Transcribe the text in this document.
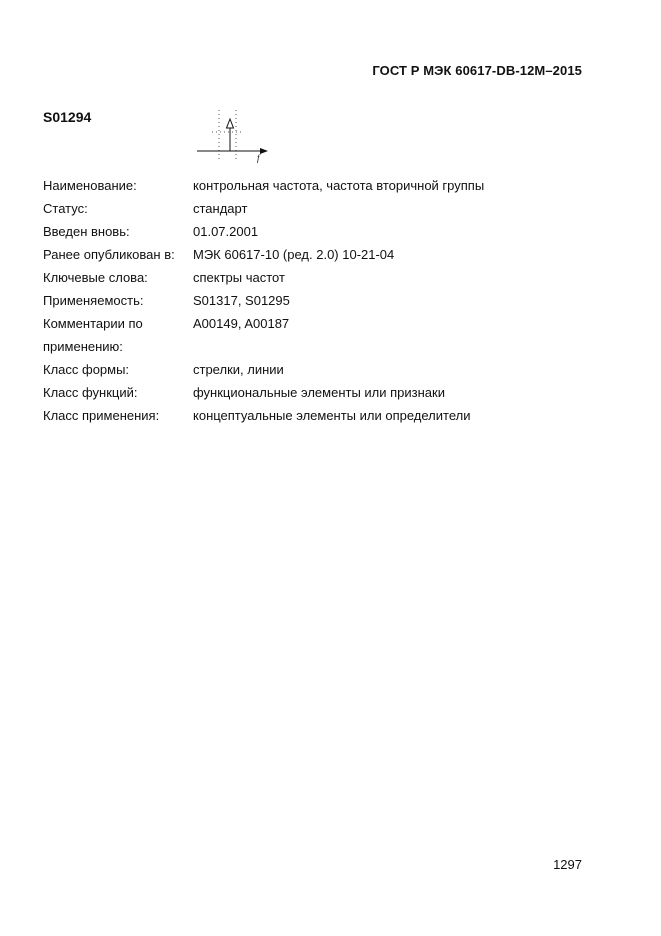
ГОСТ Р МЭК 60617-DB-12M–2015
S01294
f
Наименование:	контрольная частота, частота вторичной группы
Статус:	стандарт
Введен вновь:	01.07.2001
Ранее опубликован в:	МЭК 60617-10 (ред. 2.0) 10-21-04
Ключевые слова:	спектры частот
Применяемость:	S01317, S01295
Комментарии по	A00149, A00187
применению:
Класс формы:	стрелки, линии
Класс функций:	функциональные элементы или признаки
Класс применения:	концептуальные элементы или определители
1297
